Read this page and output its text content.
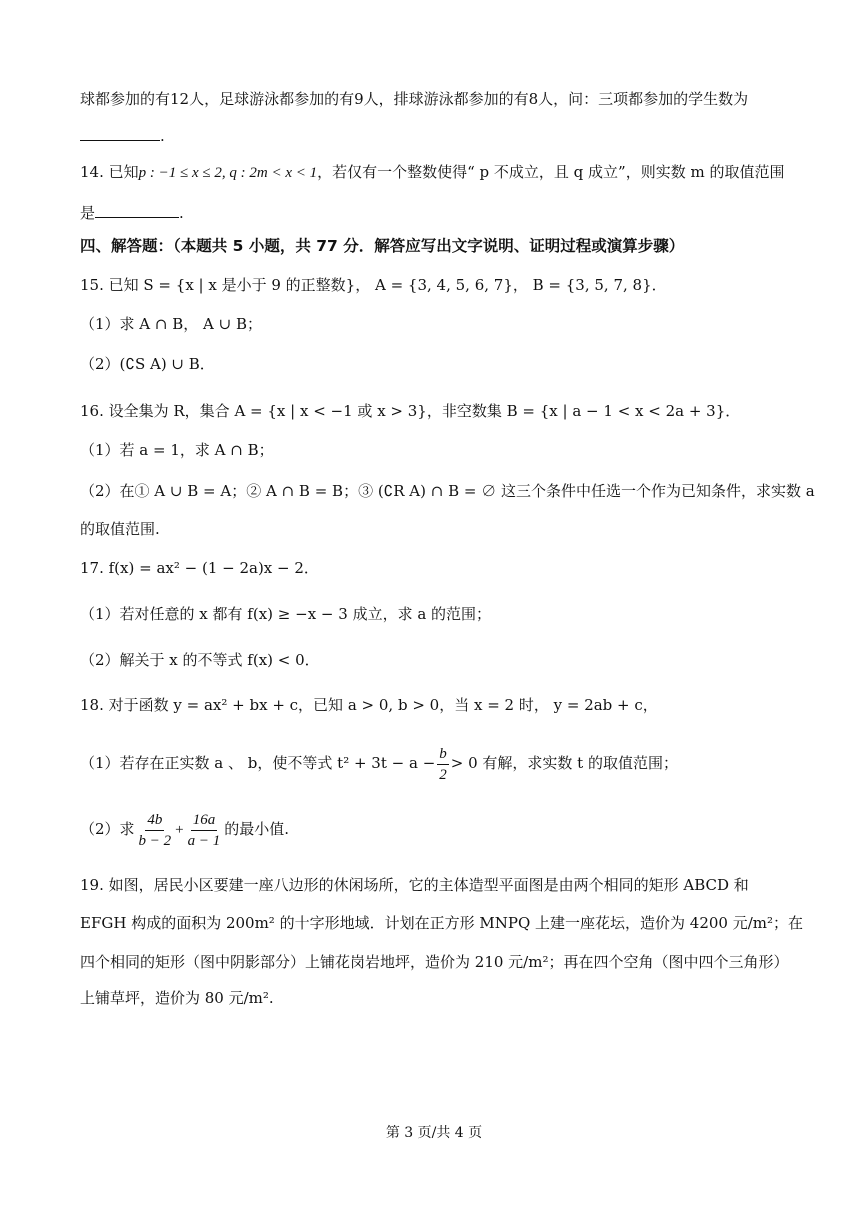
球都参加的有12人，足球游泳都参加的有9人，排球游泳都参加的有8人，问：三项都参加的学生数为
.
14. 已知p : −1 ≤ x ≤ 2, q : 2m < x < 1，若仅有一个整数使得“ p 不成立，且 q 成立”，则实数 m 的取值范围
是	.
四、解答题：（本题共 5 小题，共 77 分．解答应写出文字说明、证明过程或演算步骤）
15. 已知 S = {x | x 是小于 9 的正整数}， A = {3, 4, 5, 6, 7}， B = {3, 5, 7, 8}．
（1）求 A ∩ B， A ∪ B；
（2）(∁S A) ∪ B．
16. 设全集为 R，集合 A = {x | x < −1 或 x > 3}，非空数集 B = {x | a − 1 < x < 2a + 3}．
（1）若 a = 1，求 A ∩ B；
（2）在① A ∪ B = A；② A ∩ B = B；③ (∁R A) ∩ B = ∅ 这三个条件中任选一个作为已知条件，求实数 a
的取值范围.
17. f(x) = ax² − (1 − 2a)x − 2．
（1）若对任意的 x 都有 f(x) ≥ −x − 3 成立，求 a 的范围；
（2）解关于 x 的不等式 f(x) < 0．
18. 对于函数 y = ax² + bx + c，已知 a > 0, b > 0，当 x = 2 时， y = 2ab + c，
（1）若存在正实数 a 、 b，使不等式 $t^2 + 3t - a - \frac{b}{2} > 0$ 有解，求实数 t 的取值范围；
（2）求 $\frac{4b}{b - 2} + \frac{16a}{a - 1}$ 的最小值.
19. 如图，居民小区要建一座八边形的休闲场所，它的主体造型平面图是由两个相同的矩形 ABCD 和
EFGH 构成的面积为 200m² 的十字形地域．计划在正方形 MNPQ 上建一座花坛，造价为 4200 元/m²；在
四个相同的矩形（图中阴影部分）上铺花岗岩地坪，造价为 210 元/m²；再在四个空角（图中四个三角形）
上铺草坪，造价为 80 元/m².
第 3 页/共 4 页
